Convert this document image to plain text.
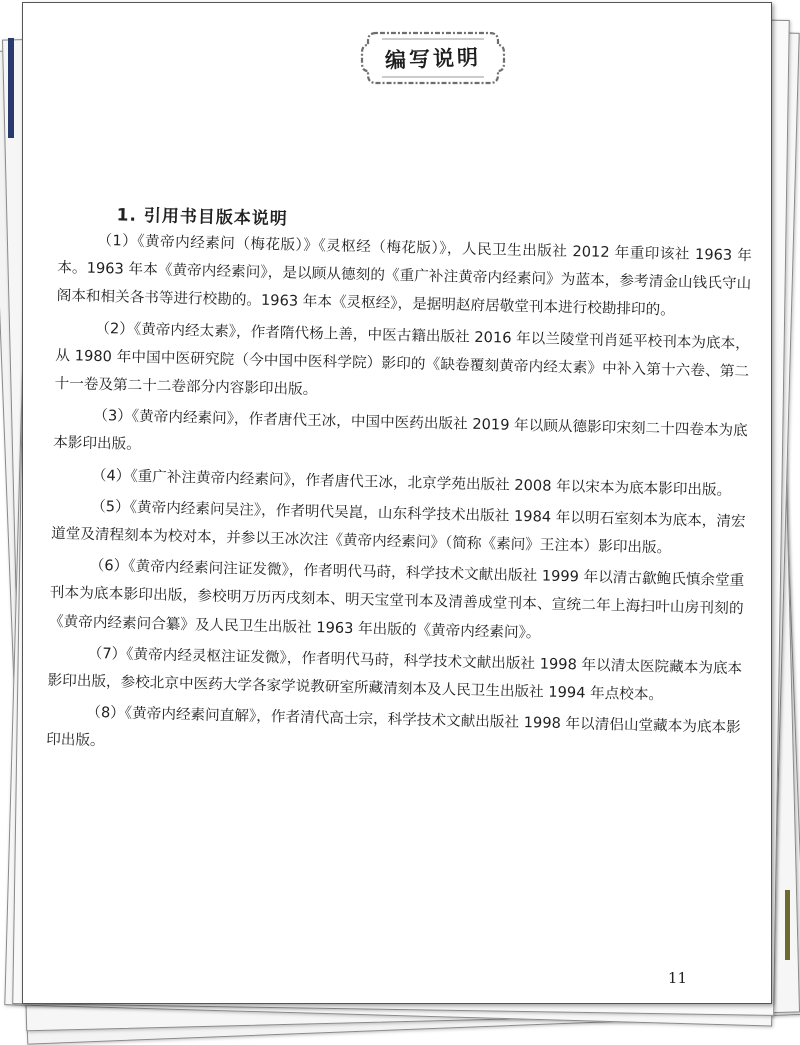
编写说明
1. 引用书目版本说明

（1）《黄帝内经素问（梅花版）》《灵枢经（梅花版）》，人民卫生出版社 2012 年重印该社 1963 年本。1963 年本《黄帝内经素问》，是以顾从德刻的《重广补注黄帝内经素问》为蓝本，参考清金山钱氏守山阁本和相关各书等进行校勘的。1963 年本《灵枢经》，是据明赵府居敬堂刊本进行校勘排印的。

（2）《黄帝内经太素》，作者隋代杨上善，中医古籍出版社 2016 年以兰陵堂刊肖延平校刊本为底本，从 1980 年中国中医研究院（今中国中医科学院）影印的《缺卷覆刻黄帝内经太素》中补入第十六卷、第二十一卷及第二十二卷部分内容影印出版。

（3）《黄帝内经素问》，作者唐代王冰，中国中医药出版社 2019 年以顾从德影印宋刻二十四卷本为底本影印出版。

（4）《重广补注黄帝内经素问》，作者唐代王冰，北京学苑出版社 2008 年以宋本为底本影印出版。

（5）《黄帝内经素问吴注》，作者明代吴崑，山东科学技术出版社 1984 年以明石室刻本为底本，清宏道堂及清程刻本为校对本，并参以王冰次注《黄帝内经素问》（简称《素问》王注本）影印出版。

（6）《黄帝内经素问注证发微》，作者明代马莳，科学技术文献出版社 1999 年以清古歙鲍氏慎余堂重刊本为底本影印出版，参校明万历丙戌刻本、明天宝堂刊本及清善成堂刊本、宣统二年上海扫叶山房刊刻的《黄帝内经素问合纂》及人民卫生出版社 1963 年出版的《黄帝内经素问》。

（7）《黄帝内经灵枢注证发微》，作者明代马莳，科学技术文献出版社 1998 年以清太医院藏本为底本影印出版，参校北京中医药大学各家学说教研室所藏清刻本及人民卫生出版社 1994 年点校本。

（8）《黄帝内经素问直解》，作者清代高士宗，科学技术文献出版社 1998 年以清侣山堂藏本为底本影印出版。

11
